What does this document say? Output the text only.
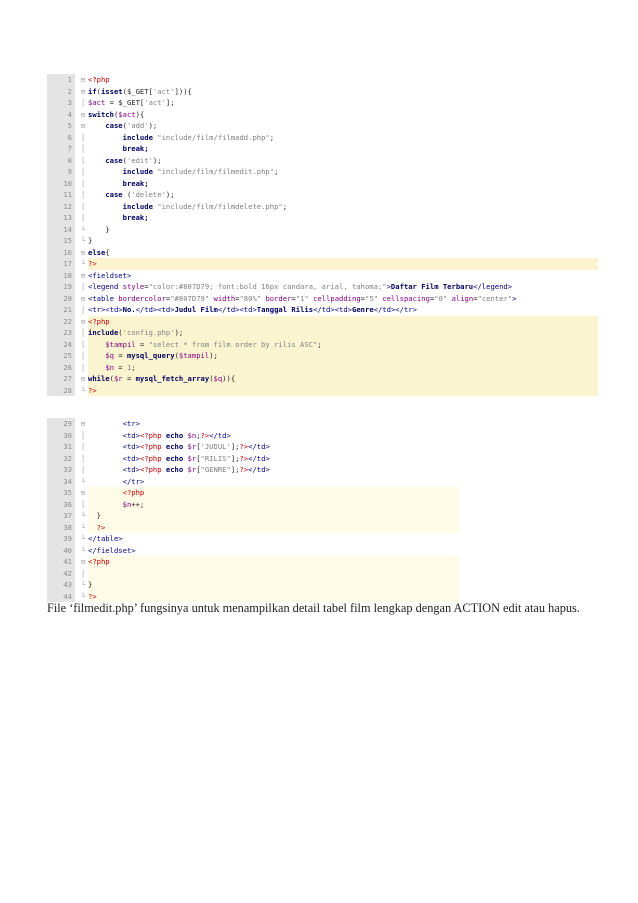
1	⊟ <?php
2	⊟ if(isset($_GET['act'])){
3	│ $act = $_GET['act'];
4	⊟ switch($act){
5	⊟	case('add');
6	│	include "include/film/filmadd.php";
7	│	break;
8	│	case('edit');
9	│	include "include/film/filmedit.php";
10	│	break;
11	│	case ('delete');
12	│	include "include/film/filmdelete.php";
13	│	break;
14	└ }
15	└ }
16	⊟ else{
17	└ ?>
18	⊟ <fieldset>
19	│ <legend style="color:#807D79; font:bold 16px candara, arial, tahoma;">Daftar Film Terbaru</legend>
20	⊟ <table bordercolor="#807D79" width="80%" border="1" cellpadding="5" cellspacing="0" align="center">
21	│ <tr><td>No.</td><td>Judul Film</td><td>Tanggal Rilis</td><td>Genre</td></tr>
22	⊟ <?php
23	│ include('config.php');
24	│	$tampil = "select * from film order by rilis ASC";
25	│	$q = mysql_query($tampil);
26	│	$n = 1;
27	⊟ while($r = mysql_fetch_array($q)){
28	└ ?>
29	⊟	<tr>
30	│	<td><?php echo $n;?></td>
31	│	<td><?php echo $r['JUDUL'];?></td>
32	│	<td><?php echo $r["RILIS"];?></td>
33	│	<td><?php echo $r["GENRE"];?></td>
34	└	</tr>
35	⊟	<?php
36	│	$n++;
37	└ }
38	└	?>
39	└ </table>
40	└ </fieldset>
41	⊟ <?php
42	│
43	└ }
44	└ ?>

File ‘filmedit.php’ fungsinya untuk menampilkan detail tabel film lengkap dengan ACTION edit atau hapus.
